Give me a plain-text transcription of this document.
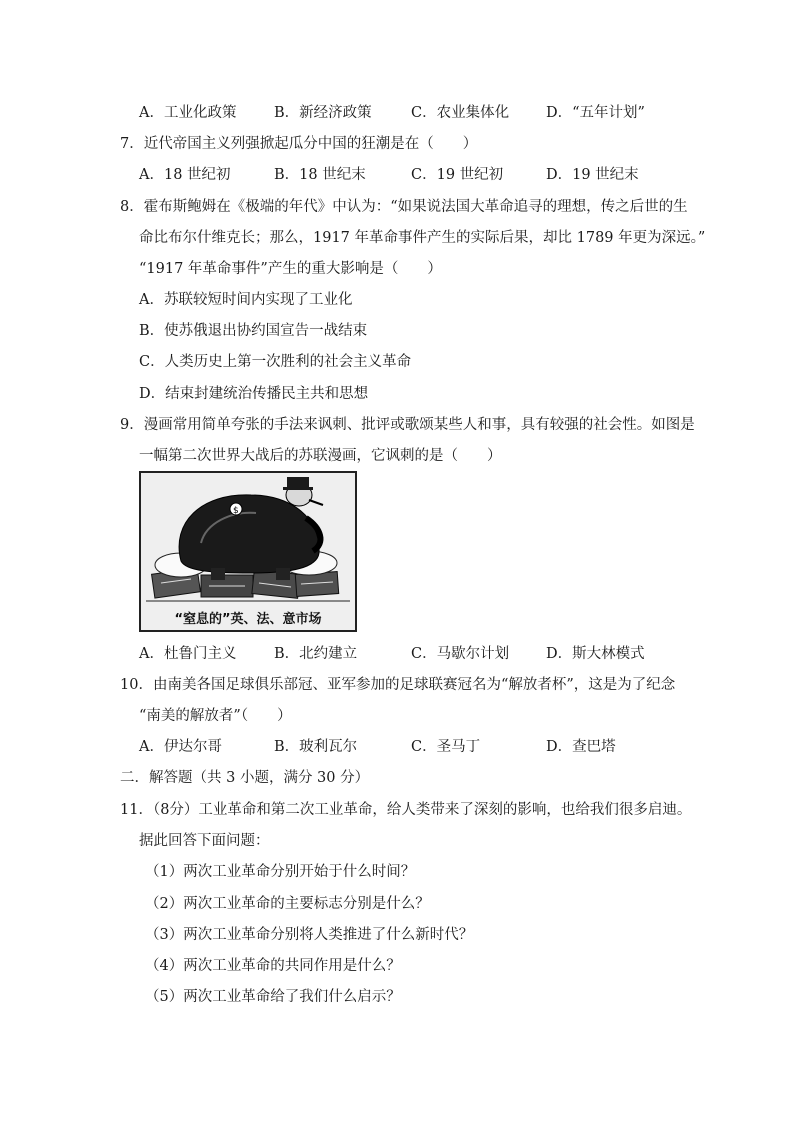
A．工业化政策	B．新经济政策	C．农业集体化	D．“五年计划”
7．近代帝国主义列强掀起瓜分中国的狂潮是在（　　）
A．18 世纪初	B．18 世纪末	C．19 世纪初	D．19 世纪末
8．霍布斯鲍姆在《极端的年代》中认为：“如果说法国大革命追寻的理想，传之后世的生
命比布尔什维克长；那么，1917 年革命事件产生的实际后果，却比 1789 年更为深远。”
“1917 年革命事件”产生的重大影响是（　　）
A．苏联较短时间内实现了工业化
B．使苏俄退出协约国宣告一战结束
C．人类历史上第一次胜利的社会主义革命
D．结束封建统治传播民主共和思想
9．漫画常用简单夸张的手法来讽刺、批评或歌颂某些人和事，具有较强的社会性。如图是
一幅第二次世界大战后的苏联漫画，它讽刺的是（　　）
$
“窒息的”英、法、意市场
A．杜鲁门主义	B．北约建立	C．马歇尔计划	D．斯大林模式
10．由南美各国足球俱乐部冠、亚军参加的足球联赛冠名为“解放者杯”，这是为了纪念
“南美的解放者”（　　）
A．伊达尔哥	B．玻利瓦尔	C．圣马丁	D．查巴塔
二．解答题（共 3 小题，满分 30 分）
11．（8分）工业革命和第二次工业革命，给人类带来了深刻的影响，也给我们很多启迪。
据此回答下面问题：
（1）两次工业革命分别开始于什么时间？
（2）两次工业革命的主要标志分别是什么？
（3）两次工业革命分别将人类推进了什么新时代？
（4）两次工业革命的共同作用是什么？
（5）两次工业革命给了我们什么启示？
